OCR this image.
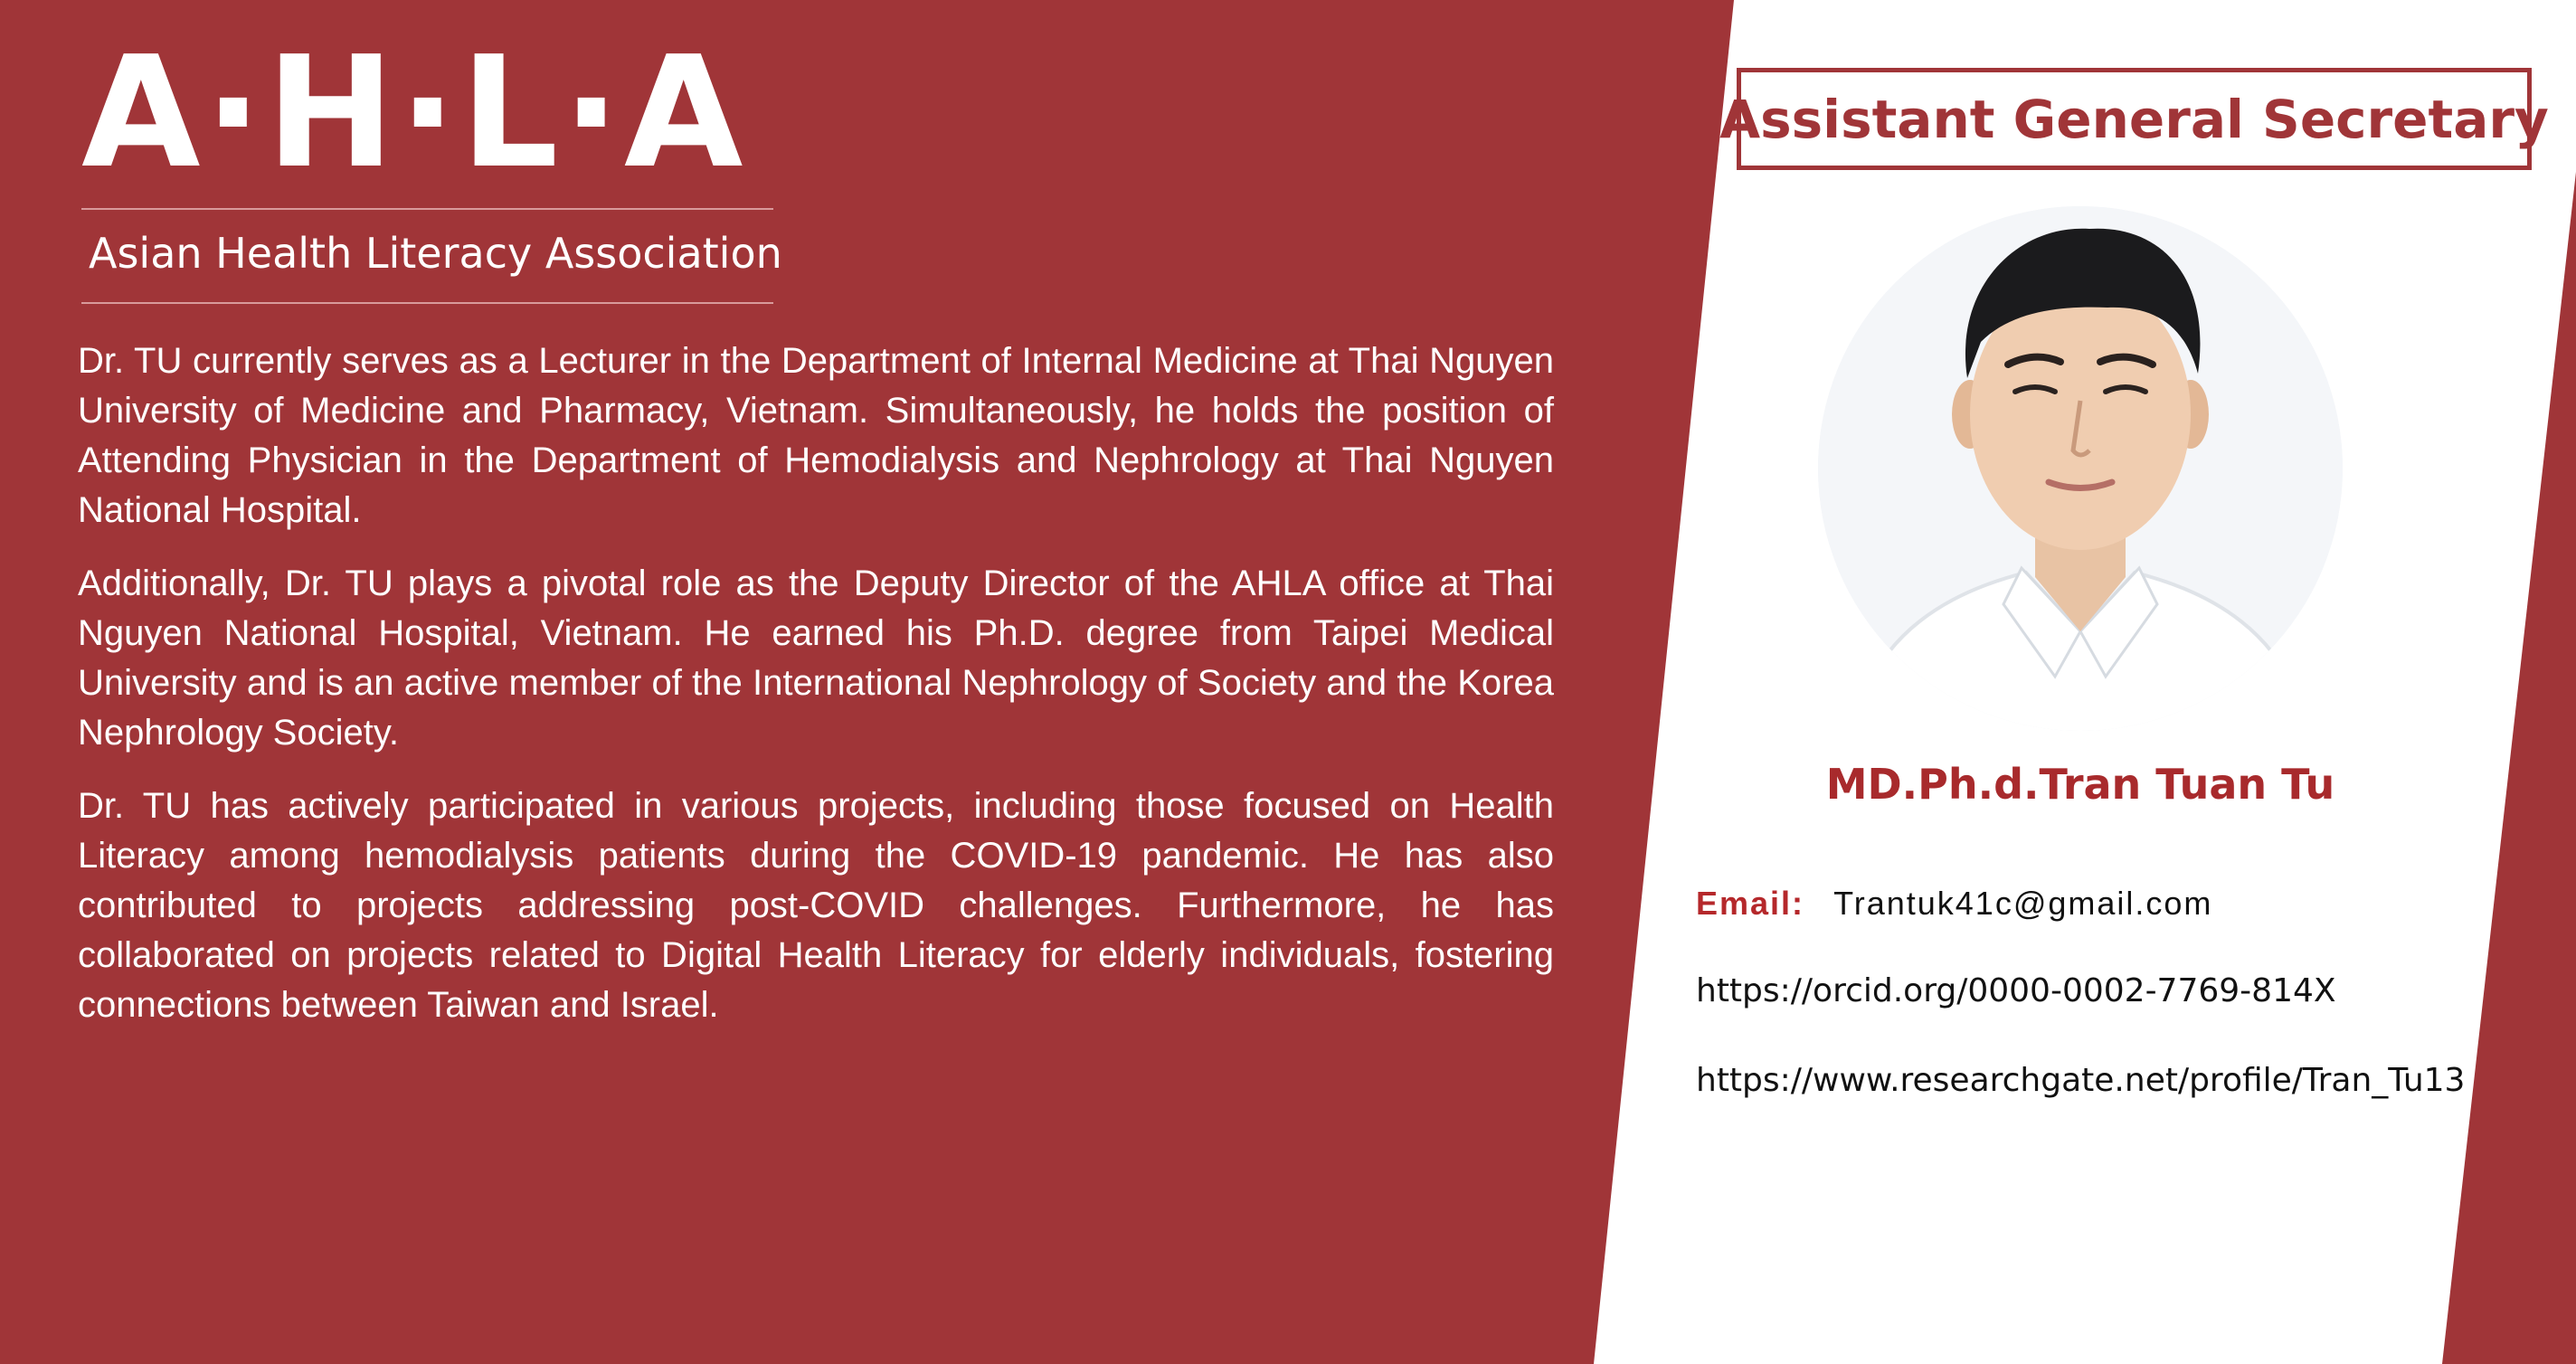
A·H·L·A
Asian Health Literacy Association

Dr. TU currently serves as a Lecturer in the Department of Internal Medicine at Thai Nguyen University of Medicine and Pharmacy, Vietnam. Simultaneously, he holds the position of Attending Physician in the Department of Hemodialysis and Nephrology at Thai Nguyen National Hospital.

Additionally, Dr. TU plays a pivotal role as the Deputy Director of the AHLA office at Thai Nguyen National Hospital, Vietnam. He earned his Ph.D. degree from Taipei Medical University and is an active member of the International Nephrology of Society and the Korea Nephrology Society.

Dr. TU has actively participated in various projects, including those focused on Health Literacy among hemodialysis patients during the COVID-19 pandemic. He has also contributed to projects addressing post-COVID challenges. Furthermore, he has collaborated on projects related to Digital Health Literacy for elderly individuals, fostering connections between Taiwan and Israel.

Assistant General Secretary
MD.Ph.d.Tran Tuan Tu
Email: Trantuk41c@gmail.com
https://orcid.org/0000-0002-7769-814X
https://www.researchgate.net/profile/Tran_Tu13
